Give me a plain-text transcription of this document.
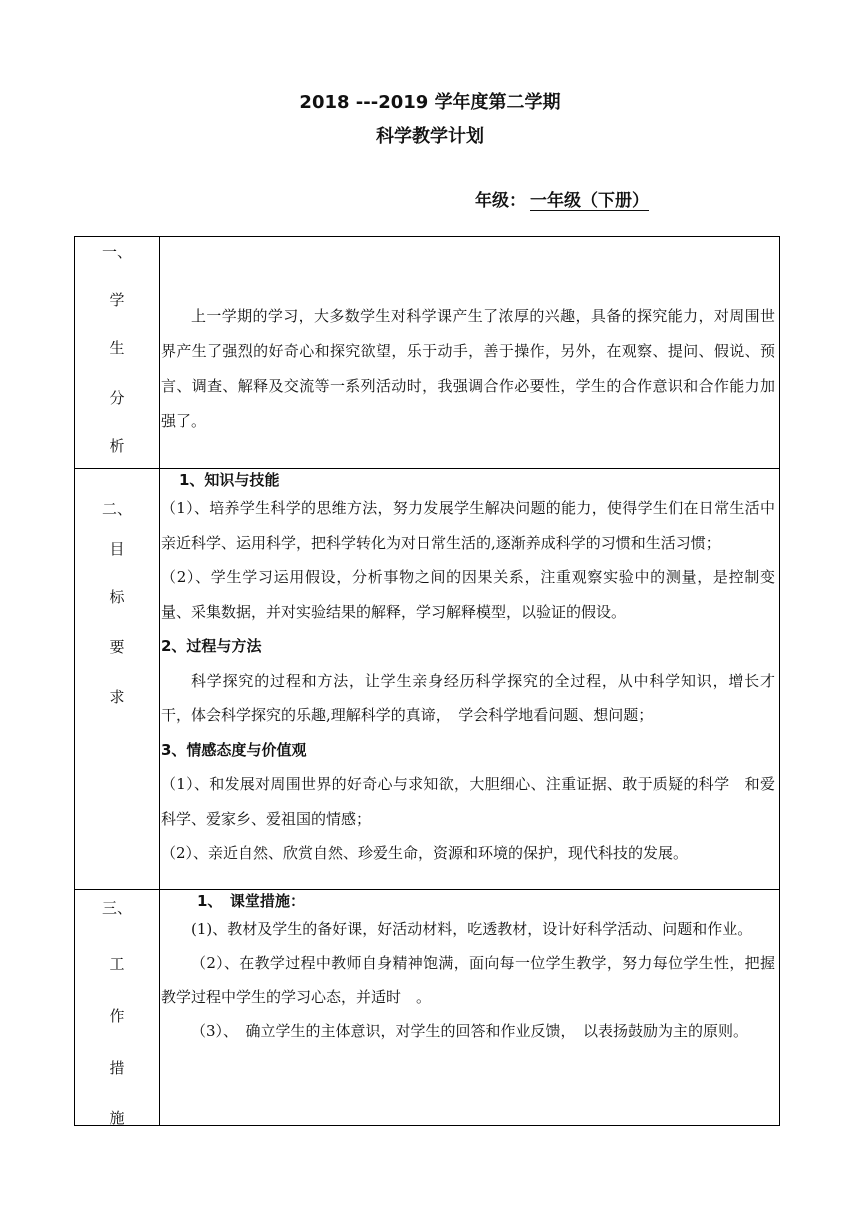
2018 ---2019 学年度第二学期
科学教学计划
年级： 一年级（下册）
一、
学
生
分
析

上一学期的学习，大多数学生对科学课产生了浓厚的兴趣，具备的探究能力，对周围世界产生了强烈的好奇心和探究欲望，乐于动手，善于操作，另外，在观察、提问、假说、预言、调查、解释及交流等一系列活动时，我强调合作必要性，学生的合作意识和合作能力加强了。

二、
目
标
要
求

1、知识与技能

（1）、培养学生科学的思维方法，努力发展学生解决问题的能力，使得学生们在日常生活中亲近科学、运用科学，把科学转化为对日常生活的,逐渐养成科学的习惯和生活习惯；

（2）、学生学习运用假设，分析事物之间的因果关系，注重观察实验中的测量，是控制变量、采集数据，并对实验结果的解释，学习解释模型，以验证的假设。

2、过程与方法

科学探究的过程和方法，让学生亲身经历科学探究的全过程，从中科学知识，增长才干，体会科学探究的乐趣,理解科学的真谛，　学会科学地看问题、想问题；

3、情感态度与价值观

（1）、和发展对周围世界的好奇心与求知欲，大胆细心、注重证据、敢于质疑的科学　和爱科学、爱家乡、爱祖国的情感；

（2）、亲近自然、欣赏自然、珍爱生命，资源和环境的保护，现代科技的发展。

三、
工
作
措
施

1、　课堂措施：

(1)、教材及学生的备好课，好活动材料，吃透教材，设计好科学活动、问题和作业。

（2）、在教学过程中教师自身精神饱满，面向每一位学生教学，努力每位学生性，把握教学过程中学生的学习心态，并适时　。

（3）、　确立学生的主体意识，对学生的回答和作业反馈，　以表扬鼓励为主的原则。
